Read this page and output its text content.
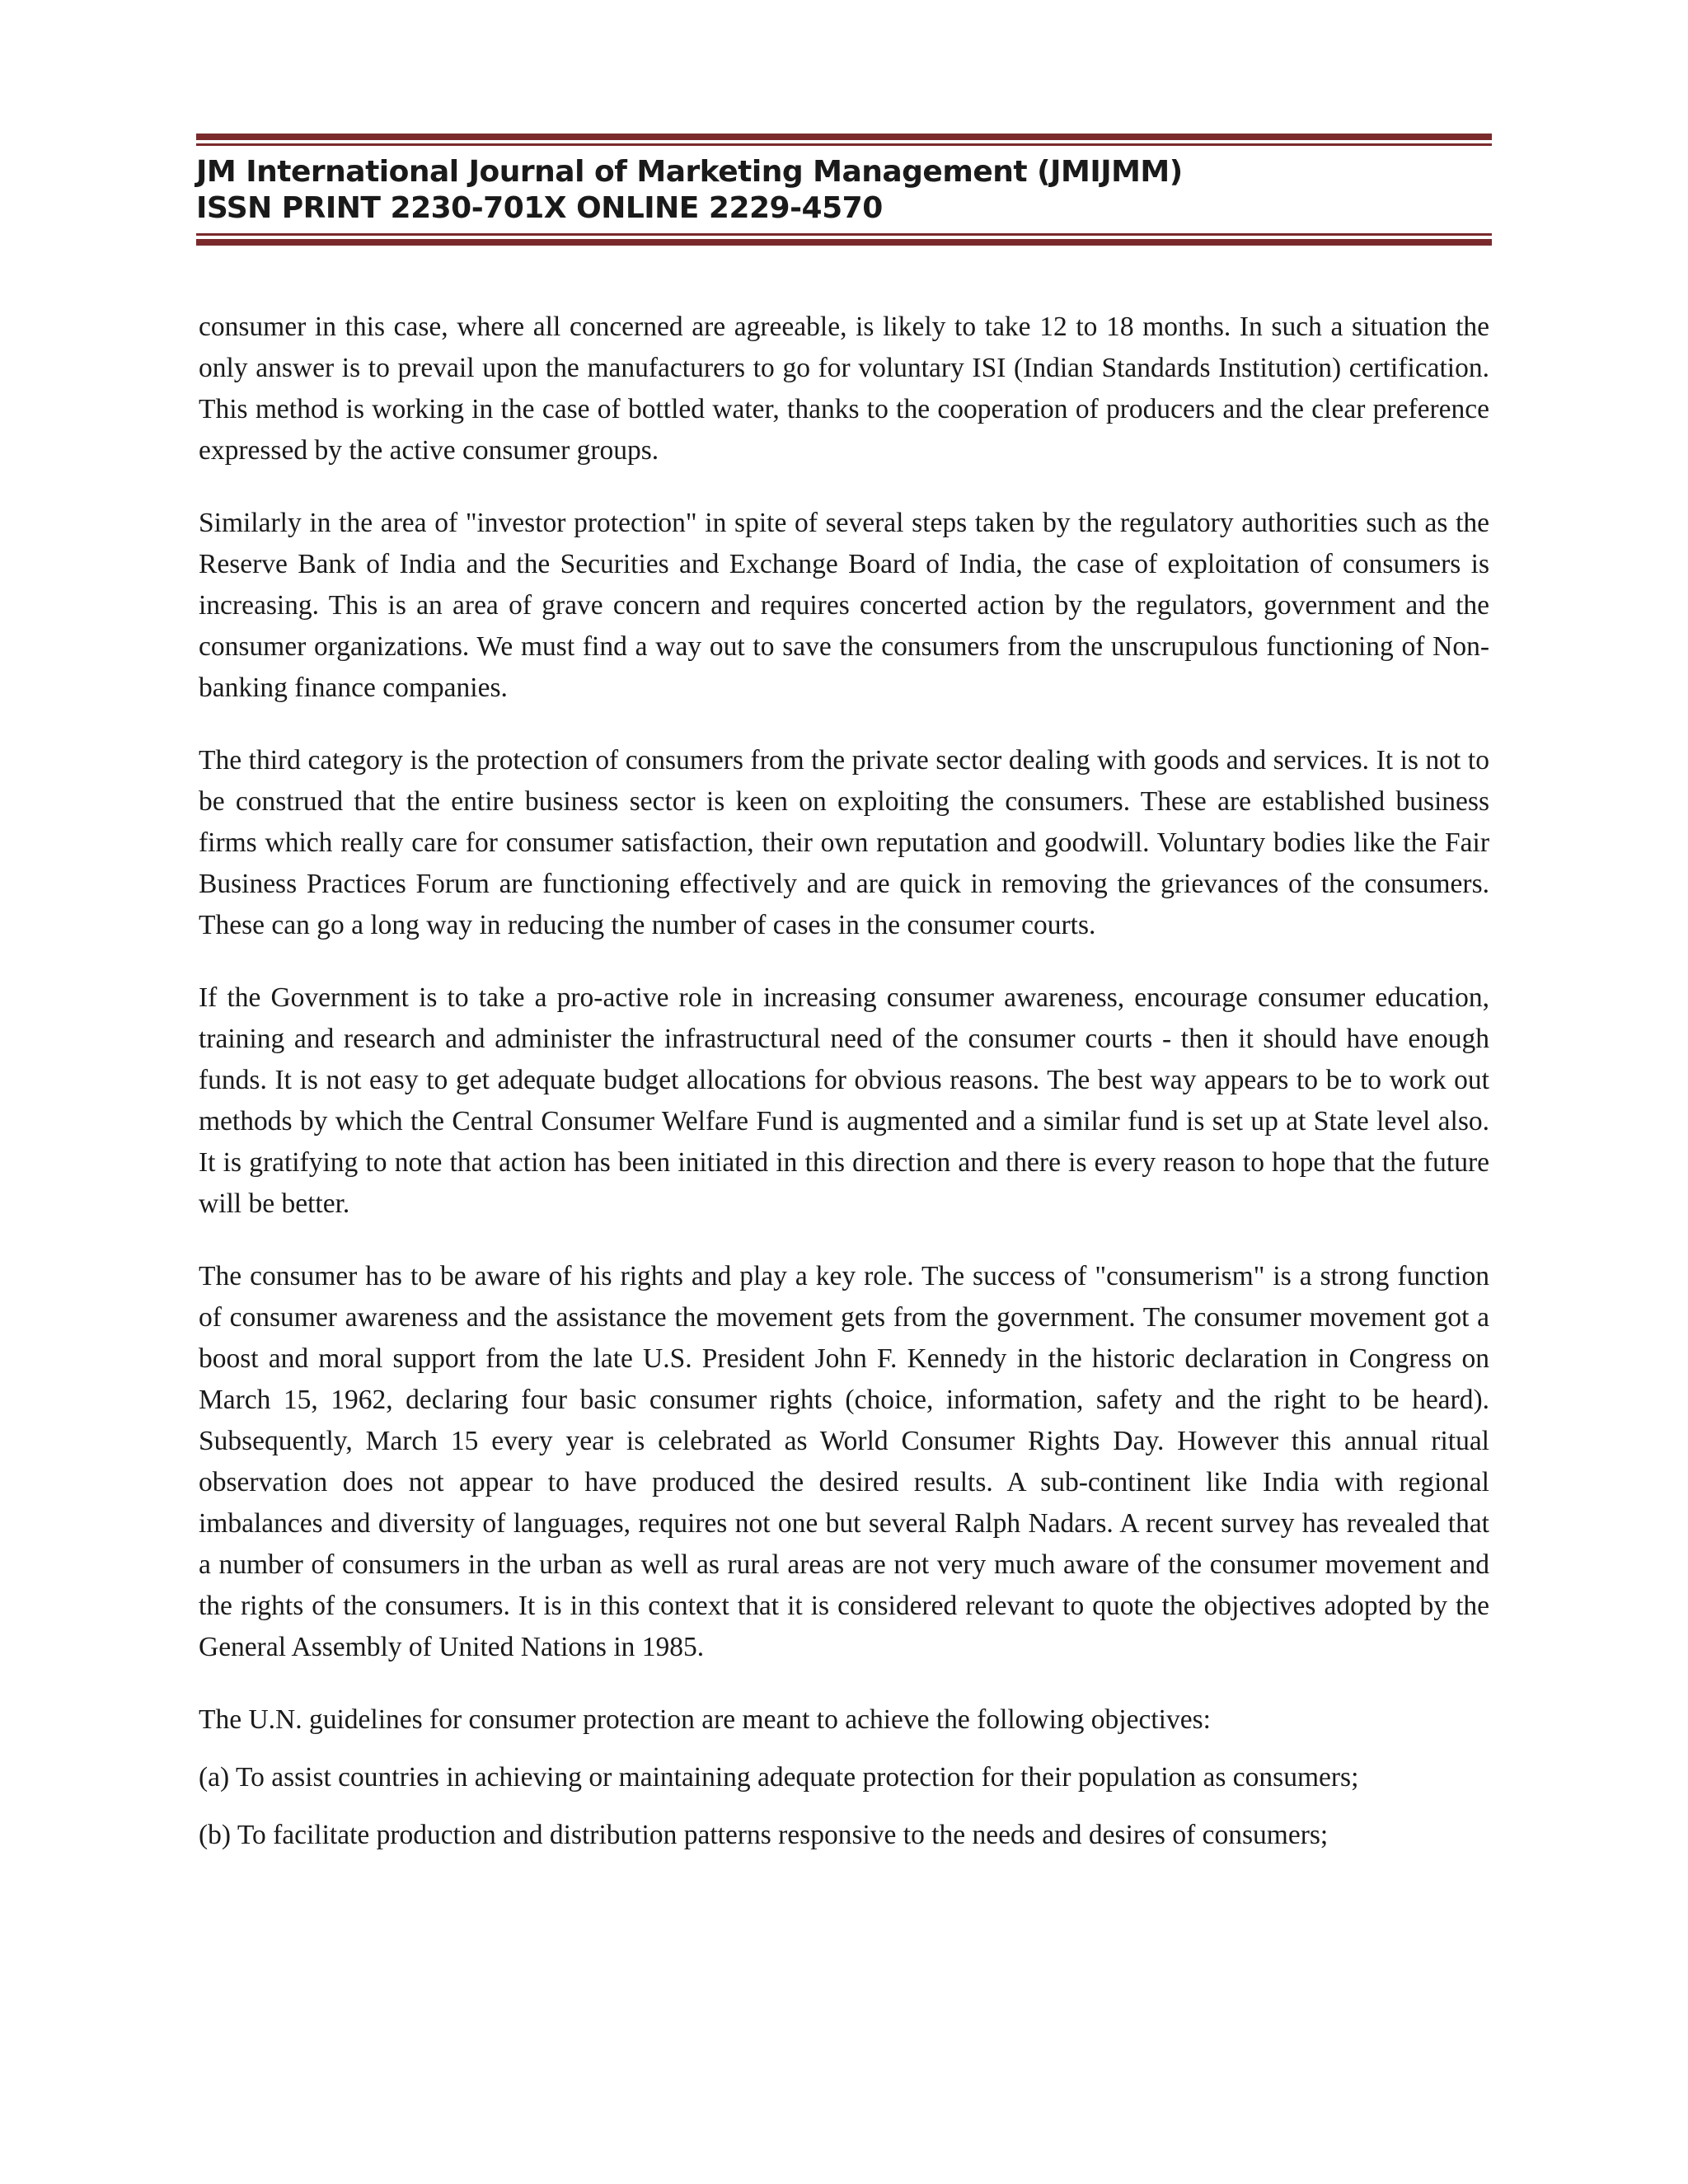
JM International Journal of Marketing Management (JMIJMM)
ISSN PRINT 2230-701X ONLINE 2229-4570

consumer in this case, where all concerned are agreeable, is likely to take 12 to 18 months. In such a situation the only answer is to prevail upon the manufacturers to go for voluntary ISI (Indian Standards Institution) certification. This method is working in the case of bottled water, thanks to the cooperation of producers and the clear preference expressed by the active consumer groups.

Similarly in the area of "investor protection" in spite of several steps taken by the regulatory authorities such as the Reserve Bank of India and the Securities and Exchange Board of India, the case of exploitation of consumers is increasing. This is an area of grave concern and requires concerted action by the regulators, government and the consumer organizations. We must find a way out to save the consumers from the unscrupulous functioning of Non-banking finance companies.

The third category is the protection of consumers from the private sector dealing with goods and services. It is not to be construed that the entire business sector is keen on exploiting the consumers. These are established business firms which really care for consumer satisfaction, their own reputation and goodwill. Voluntary bodies like the Fair Business Practices Forum are functioning effectively and are quick in removing the grievances of the consumers. These can go a long way in reducing the number of cases in the consumer courts.

If the Government is to take a pro-active role in increasing consumer awareness, encourage consumer education, training and research and administer the infrastructural need of the consumer courts - then it should have enough funds. It is not easy to get adequate budget allocations for obvious reasons. The best way appears to be to work out methods by which the Central Consumer Welfare Fund is augmented and a similar fund is set up at State level also. It is gratifying to note that action has been initiated in this direction and there is every reason to hope that the future will be better.

The consumer has to be aware of his rights and play a key role. The success of "consumerism" is a strong function of consumer awareness and the assistance the movement gets from the government. The consumer movement got a boost and moral support from the late U.S. President John F. Kennedy in the historic declaration in Congress on March 15, 1962, declaring four basic consumer rights (choice, information, safety and the right to be heard). Subsequently, March 15 every year is celebrated as World Consumer Rights Day. However this annual ritual observation does not appear to have produced the desired results. A sub-continent like India with regional imbalances and diversity of languages, requires not one but several Ralph Nadars. A recent survey has revealed that a number of consumers in the urban as well as rural areas are not very much aware of the consumer movement and the rights of the consumers. It is in this context that it is considered relevant to quote the objectives adopted by the General Assembly of United Nations in 1985.

The U.N. guidelines for consumer protection are meant to achieve the following objectives:

(a) To assist countries in achieving or maintaining adequate protection for their population as consumers;

(b) To facilitate production and distribution patterns responsive to the needs and desires of consumers;
